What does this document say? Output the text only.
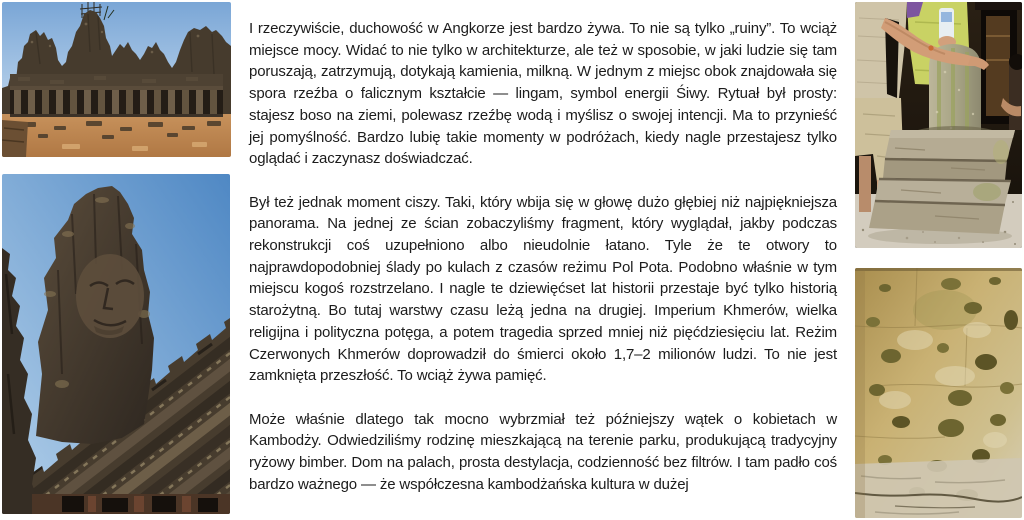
I rzeczywiście, duchowość w Angkorze jest bardzo żywa. To nie są tylko „ruiny”. To wciąż miejsce mocy. Widać to nie tylko w architekturze, ale też w sposobie, w jaki ludzie się tam poruszają, zatrzymują, dotykają kamienia, milkną. W jednym z miejsc obok znajdowała się spora rzeźba o falicznym kształcie — lingam, symbol energii Śiwy. Rytuał był prosty: stajesz boso na ziemi, polewasz rzeźbę wodą i myślisz o swojej intencji. Ma to przynieść jej pomyślność. Bardzo lubię takie momenty w podróżach, kiedy nagle przestajesz tylko oglądać i zaczynasz doświadczać.

Był też jednak moment ciszy. Taki, który wbija się w głowę dużo głębiej niż najpiękniejsza panorama. Na jednej ze ścian zobaczyliśmy fragment, który wyglądał, jakby podczas rekonstrukcji coś uzupełniono albo nieudolnie łatano. Tyle że te otwory to najprawdopodobniej ślady po kulach z czasów reżimu Pol Pota. Podobno właśnie w tym miejscu kogoś rozstrzelano. I nagle te dziewięćset lat historii przestaje być tylko historią starożytną. Bo tutaj warstwy czasu leżą jedna na drugiej. Imperium Khmerów, wielka religijna i polityczna potęga, a potem tragedia sprzed mniej niż pięćdziesięciu lat. Reżim Czerwonych Khmerów doprowadził do śmierci około 1,7–2 milionów ludzi. To nie jest zamknięta przeszłość. To wciąż żywa pamięć.

Może właśnie dlatego tak mocno wybrzmiał też późniejszy wątek o kobietach w Kambodży. Odwiedziliśmy rodzinę mieszkającą na terenie parku, produkującą tradycyjny ryżowy bimber. Dom na palach, prosta destylacja, codzienność bez filtrów. I tam padło coś bardzo ważnego — że współczesna kambodżańska kultura w dużej
